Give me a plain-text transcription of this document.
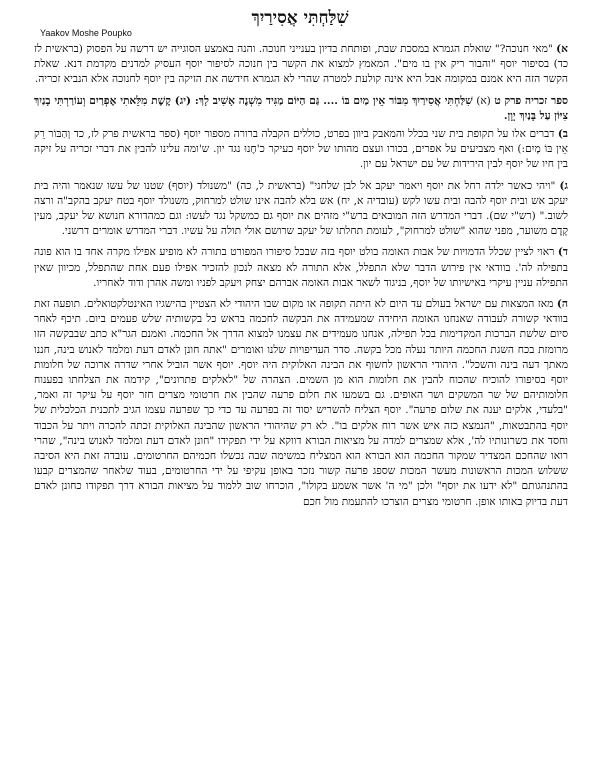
שִׁלַּחְתִּי אֲסִירַיִךְ
Yaakov Moshe Poupko

א) "מאי חנוכה?" שואלת הגמרא במסכת שבת, ופותחת בדיון בענייני חנוכה. והנה באמצע הסוגייה יש דרשה על הפסוק (בראשית לז כד) בסיפור יוסף "והבור ריק אין בו מים". המאמץ למצוא את הקשר בין חנוכה לסיפור יוסף העסיק למדנים מקדמת דנא. שאלת הקשר הזה היא אמנם במקומה אבל היא אינה קולעת למטרה שהרי לא הגמרא חידשה את הזיקה בין יוסף לחנוכה אלא הנביא זכריה.

ספר זכריה פרק ט (א) שִׁלַּחְתִּי אֲסִירַיִךְ מִבּוֹר אֵין מַיִם בּוֹ .... גַּם הַיּוֹם מַגִּיד מִשְׁנֶה אָשִׁיב לָךְ: (יג) קֶשֶׁת מִלֵּאתִי אֶפְרַיִם וְעוֹרַרְתִּי בָנַיִךְ צִיּוֹן עַל בָּנַיִךְ יָוָן.

ב) דברים אלו על תקופת בית שני בכלל והמאבק ביוון בפרט, כוללים הקבלה ברורה מספור יוסף (ספר בראשית פרק לז, כד וְהַבּוֹר רֵק אֵין בּוֹ מָיִם:) ואף מצביעים על אפרים, בכורו ועצם מהותו של יוסף כעיקר כ'חֶנוּ נגד יון. ש'ומה עלינו להבין את דברי זכריה על זיקה בין חיו של יוסף לבין הירידות של עם ישראל עם יון.

ג) "ויהי כאשר ילדה רחל את יוסף ויאמר יעקב אל לבן שלחני" (בראשית ל, כה) "משנולד (יוסף) שטנו של עשו שנאמר והיה בית יעקב אש ובית יוסף להבה ובית עשו לקש (עובדיה א, יח) אש בלא להבה אינו שולט למרחוק, משנולד יוסף בטח יעקב בהקב"ה ורצה לשוב." (רש"י שם). דברי המדרש הזה המובאים ברש"י מזהים את יוסף גם כמשקל נגד לעשו: וגם כמהדורא חנושא של יעקב, מעין קָדֶם משוער, מפני שהוא "שולט למרחוק", לעומת תחלתו של יעקב שרושם אולי תולה על עשיו. דברי המדרש אומרים דרשני.

ד) ראוי לציין שכלל הדמויות של אבות האומה בולט יוסף בזה שבכל סיפורו המפורט בתורה לא מופיע אפילו מקרה אחד בו הוא פונה בתפילה לה'. בוודאי אין פירוש הדבר שלא התפלל, אלא התורה לא מצאה לנכון להזכיר אפילו פעם אחת שהתפלל, מכיוון שאין התפילה עניין עיקרי באישיותו של יוסף, בניגוד לשאר אבות האומה אברהם יצחק ויעקב לפניו ומשה אהרן ודוד לאחריו.

ה) מאז המצאות עם ישראל בעולם עד היום לא היתה תקופה או מקום שבו היהודי לא הצטיין בהישגיו האינטלקטואלים. תופעה זאת בוודאי קשורה לעבודה שאנחנו האומה היחידה שמעמידה את הבקשה לחכמה בראש כל בקשותיה שלש פעמים ביום. תיכף לאחר סיום שלשת הברכות המקדימות בכל תפילה, אנחנו מעמידים את עצמנו למצוא הדרך אל החכמה. ואמנם הגר"א כתב שבבקשה הזו מרומזת בכח השגת החכמה היותר נעלה מכל בקשה. סדר העדיפויות שלנו ואומרים "אתה חונן לאדם דעת ומלמד לאנוש בינה, חננו מאתך דעה בינה והשכל". היהודי הראשון לחשוף את הבינה האלוקית היה יוסף. יוסף אשר הוביל אחרי שדרה ארוכה של חלומות יוסף בסיפורו להוכיח שהכוח להבין את חלומות הוא מן השמים. הצהרה של "לאלקים פתרונים", קידמה את הצלחתו בפענוח חלומותיהם של שר המשקים ושר האופים. גם בשמעו את חלום פרעה שהבין את חרטומי מצרים חזר יוסף על עיקר זה ואמר, "בלעדי, אלקים יענה את שלום פרעה". יוסף הצליח להשריש יסוד זה בפרעה עד כדי כך שפרעה עצמו הגיב לתכנית הכלכלית של יוסף בהתבטאות, "הנמצא כזה איש אשר רוח אלקים בו". לא רק שהיהודי הראשון שהבינה האלוקית זכתה להכרה ויתר על הכבוד וחסד את כשרונותיו לה', אלא שמצרים למדה על מציאות הבורא דווקא על ידי תפקידו "חונן לאדם דעת ומלמד לאנוש בינה", שהרי רואו שהחכם המצדיר שמקור החכמה הוא הבורא הוא המצליח במשימה שבה נכשלו חכמיהם החרטומים. עובדה זאת היא הסיבה ששלוש המכות הראשונות מעשר המכות שספג פרעה קשור נזכר באופן עקיפי על ידי החרטומים, בעוד שלאחר שהמצרים קבעו בהתנהגותם "לא ידעו את יוסף" ולכן "מי ה' אשר אשמע בקולו", הוכרחו שוב ללמוד על מציאות הבורא דרך תפקודו כחונן לאדם דעת בדיוק באותו אופן. חרטומי מצרים הוצרכו להתעמת מול חכם
